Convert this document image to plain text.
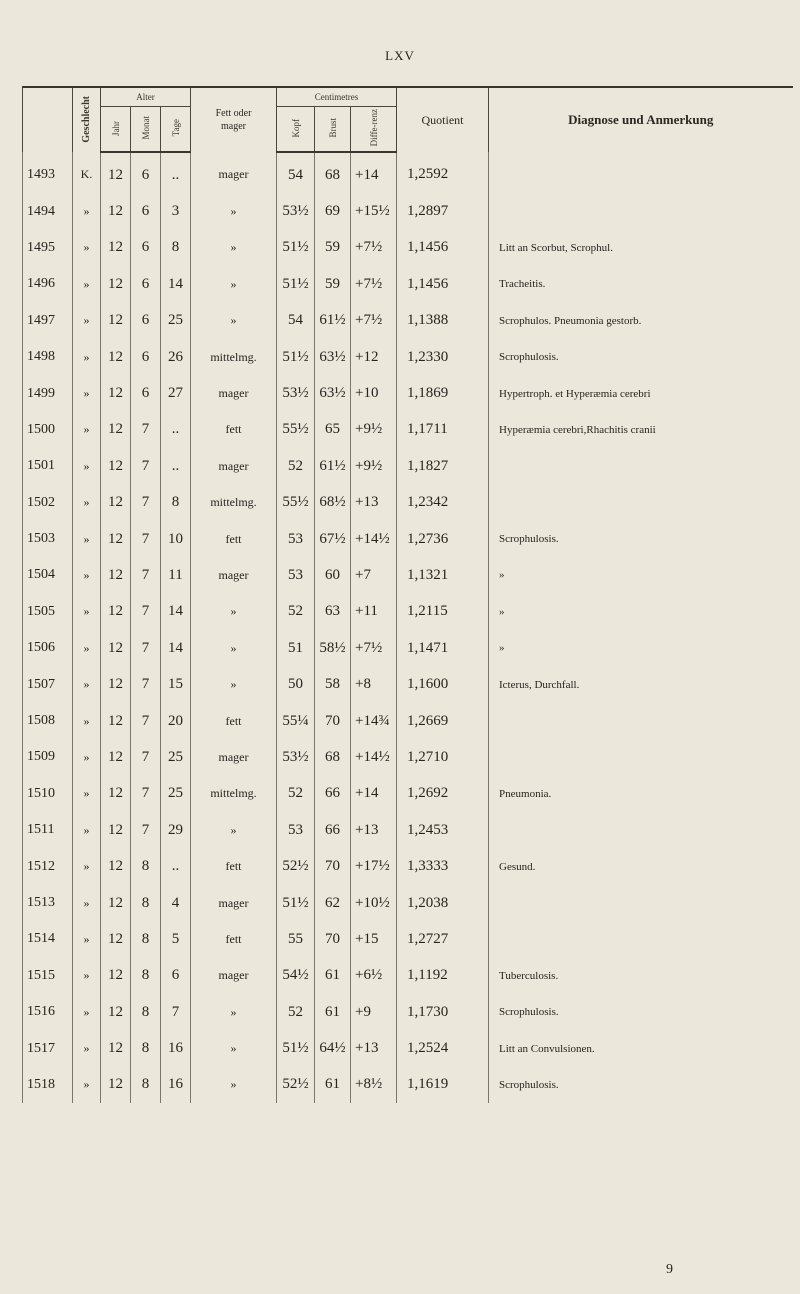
LXV
	Geschlecht	Alter			Fett oder mager	Centimetres			Quotient	Diagnose und Anmerkung
		Jahr	Monat	Tage		Kopf	Brust	Diffe-renz		
1493	K.	12	6	..	mager	54	68	+14	1,2592	
1494	»	12	6	3	»	53½	69	+15½	1,2897	
1495	»	12	6	8	»	51½	59	+7½	1,1456	Litt an Scorbut, Scrophul.
1496	»	12	6	14	»	51½	59	+7½	1,1456	Tracheitis.
1497	»	12	6	25	»	54	61½	+7½	1,1388	Scrophulos. Pneumonia gestorb.
1498	»	12	6	26	mittelmg.	51½	63½	+12	1,2330	Scrophulosis.
1499	»	12	6	27	mager	53½	63½	+10	1,1869	Hypertroph. et Hyperæmia cerebri
1500	»	12	7	..	fett	55½	65	+9½	1,1711	Hyperæmia cerebri,Rhachitis cranii
1501	»	12	7	..	mager	52	61½	+9½	1,1827	
1502	»	12	7	8	mittelmg.	55½	68½	+13	1,2342	
1503	»	12	7	10	fett	53	67½	+14½	1,2736	Scrophulosis.
1504	»	12	7	11	mager	53	60	+7	1,1321	»
1505	»	12	7	14	»	52	63	+11	1,2115	»
1506	»	12	7	14	»	51	58½	+7½	1,1471	»
1507	»	12	7	15	»	50	58	+8	1,1600	Icterus, Durchfall.
1508	»	12	7	20	fett	55¼	70	+14¾	1,2669	
1509	»	12	7	25	mager	53½	68	+14½	1,2710	
1510	»	12	7	25	mittelmg.	52	66	+14	1,2692	Pneumonia.
1511	»	12	7	29	»	53	66	+13	1,2453	
1512	»	12	8	..	fett	52½	70	+17½	1,3333	Gesund.
1513	»	12	8	4	mager	51½	62	+10½	1,2038	
1514	»	12	8	5	fett	55	70	+15	1,2727	
1515	»	12	8	6	mager	54½	61	+6½	1,1192	Tuberculosis.
1516	»	12	8	7	»	52	61	+9	1,1730	Scrophulosis.
1517	»	12	8	16	»	51½	64½	+13	1,2524	Litt an Convulsionen.
1518	»	12	8	16	»	52½	61	+8½	1,1619	Scrophulosis.
9
